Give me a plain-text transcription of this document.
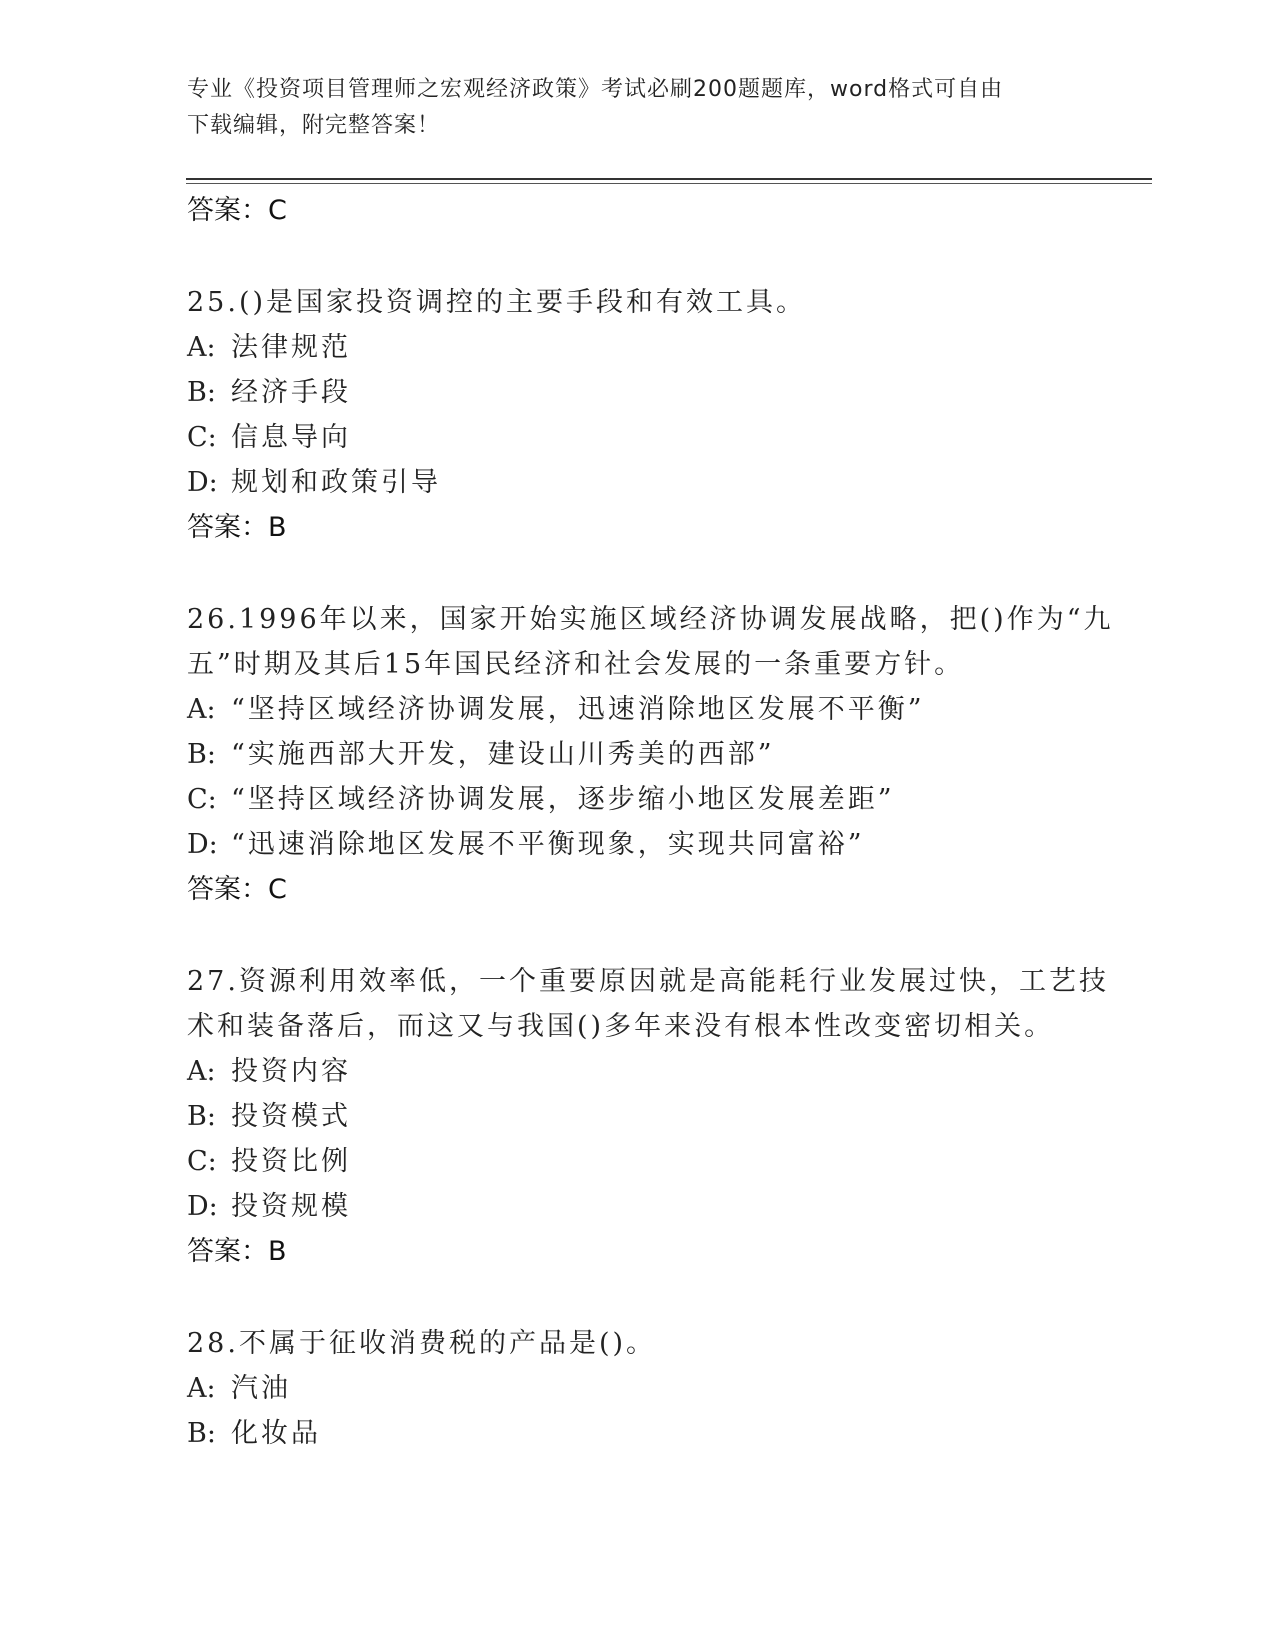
专业《投资项目管理师之宏观经济政策》考试必刷200题题库，word格式可自由
下载编辑，附完整答案！
答案：C
25.()是国家投资调控的主要手段和有效工具。
A: 法律规范
B: 经济手段
C: 信息导向
D: 规划和政策引导
答案：B
26.1996年以来，国家开始实施区域经济协调发展战略，把()作为“九
五”时期及其后15年国民经济和社会发展的一条重要方针。
A: “坚持区域经济协调发展，迅速消除地区发展不平衡”
B: “实施西部大开发，建设山川秀美的西部”
C: “坚持区域经济协调发展，逐步缩小地区发展差距”
D: “迅速消除地区发展不平衡现象，实现共同富裕”
答案：C
27.资源利用效率低，一个重要原因就是高能耗行业发展过快，工艺技
术和装备落后，而这又与我国()多年来没有根本性改变密切相关。
A: 投资内容
B: 投资模式
C: 投资比例
D: 投资规模
答案：B
28.不属于征收消费税的产品是()。
A: 汽油
B: 化妆品
